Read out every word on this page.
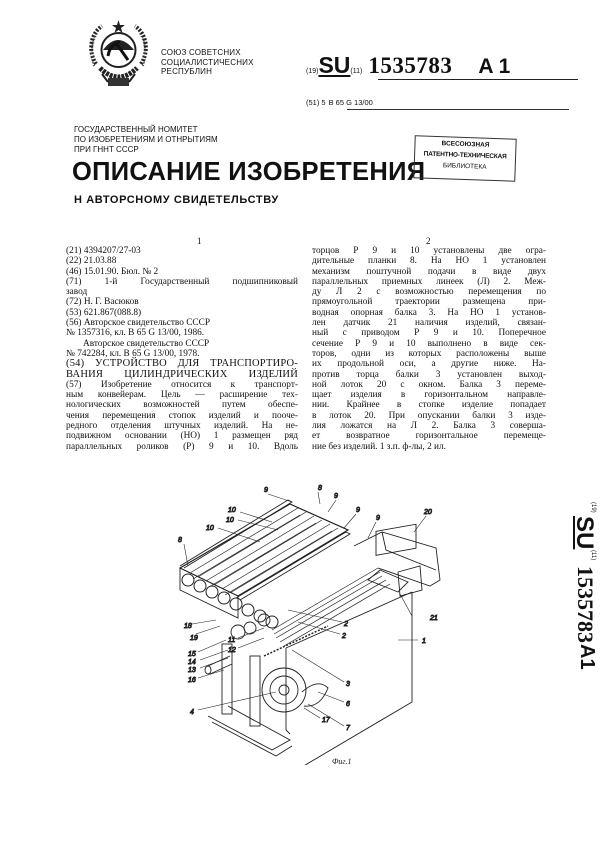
СОЮЗ СОВЕТСНИХ
СОЦИАЛИСТИЧЕСНИХ
РЕСПУБЛИН	(19)SU(11) 1535783 A 1
(51) 5 B 65 G 13/00
ГОСУДАРСТВЕННЫЙ НОМИТЕТ
ПО ИЗОБРЕТЕНИЯМ И ОТНРЫТИЯМ
ПРИ ГННТ СССР
ОПИСАНИЕ ИЗОБРЕТЕНИЯ
Н АВТОРСНОМУ СВИДЕТЕЛЬСТВУ
ВСЕСОЮЗНАЯ
ПАТЕНТНО-ТЕХНИЧЕСКАЯ
БИБЛИОТЕКА
1	2
(21) 4394207/27-03
(22) 21.03.88
(46) 15.01.90. Бюл. № 2
(71) 1-й Государственный подшипниковый
завод
(72) Н. Г. Васюков
(53) 621.867(088.8)
(56) Авторское свидетельство СССР
№ 1357316, кл. B 65 G 13/00, 1986.
Авторское свидетельство СССР
№ 742284, кл. B 65 G 13/00, 1978.
(54) УСТРОЙСТВО ДЛЯ ТРАНСПОРТИРО-
ВАНИЯ ЦИЛИНДРИЧЕСКИХ ИЗДЕЛИЙ
(57) Изобретение относится к транспорт-
ным конвейерам. Цель — расширение тех-
нологических возможностей путем обеспе-
чения перемещения стопок изделий и пооче-
редного отделения штучных изделий. На не-
подвижном основании (НО) 1 размещен ряд
параллельных роликов (Р) 9 и 10. Вдоль
торцов Р 9 и 10 установлены две огра-
дительные планки 8. На НО 1 установлен
механизм поштучной подачи в виде двух
параллельных приемных линеек (Л) 2. Меж-
ду Л 2 с возможностью перемещения по
прямоугольной траектории размещена при-
водная опорная балка 3. На НО 1 установ-
лен датчик 21 наличия изделий, связан-
ный с приводом Р 9 и 10. Поперечное
сечение Р 9 и 10 выполнено в виде сек-
торов, одни из которых расположены выше
их продольной оси, а другие ниже. На-
против торца балки 3 установлен выход-
ной лоток 20 с окном. Балка 3 переме-
щает изделия в горизонтальном направле-
нии. Крайнее в стопке изделие попадает
в лоток 20. При опускании балки 3 изде-
лия ложатся на Л 2. Балка 3 соверша-
ет возвратное горизонтальное перемеще-
ние без изделий. 1 з.п. ф-лы, 2 ил.
(19)
SU
(11)
1535783
A1
9	8
9
10
10
10
9
9
20
8
21
2
2
18
19	11
12
15
14
13
16
1
3
4
6
7
17
Фиг.1
